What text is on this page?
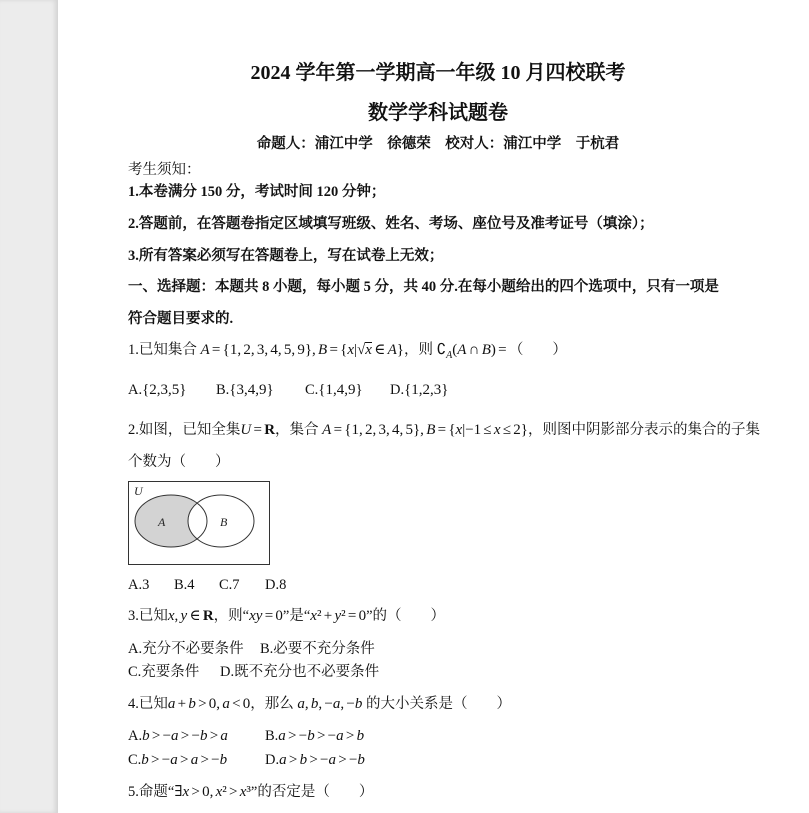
2024 学年第一学期高一年级 10 月四校联考
数学学科试题卷
命题人：浦江中学　徐德荣　校对人：浦江中学　于杭君
考生须知：
1.本卷满分 150 分，考试时间 120 分钟；
2.答题前，在答题卷指定区域填写班级、姓名、考场、座位号及准考证号（填涂）；
3.所有答案必须写在答题卷上，写在试卷上无效；
一、选择题：本题共 8 小题，每小题 5 分，共 40 分.在每小题给出的四个选项中，只有一项是
符合题目要求的.
1.已知集合 A = {1, 2, 3, 4, 5, 9}, B = {x| √ x ∈ A} ，则 ∁ A (A ∩ B) = （　　）
A.{2,3,5} B.{3,4,9} C.{1,4,9} D.{1,2,3}
2.如图，已知全集 U = R ，集合 A = {1, 2, 3, 4, 5}, B = {x|−1 ≤ x ≤ 2} ，则图中阴影部分表示的集合的子集
个数为（　　）
U
A	B
A.3 B.4 C.7 D.8
3.已知 x, y ∈ R ，则“ xy = 0 ”是“ x² + y² = 0 ”的（　　）
A.充分不必要条件 B.必要不充分条件
C.充要条件 D.既不充分也不必要条件
4.已知 a + b > 0, a < 0 ，那么 a, b, −a, −b 的大小关系是（　　）
A.b > −a > −b > a	B.a > −b > −a > b
C.b > −a > a > −b	D.a > b > −a > −b
5.命题“ ∃x > 0, x² > x³ ”的否定是（　　）
